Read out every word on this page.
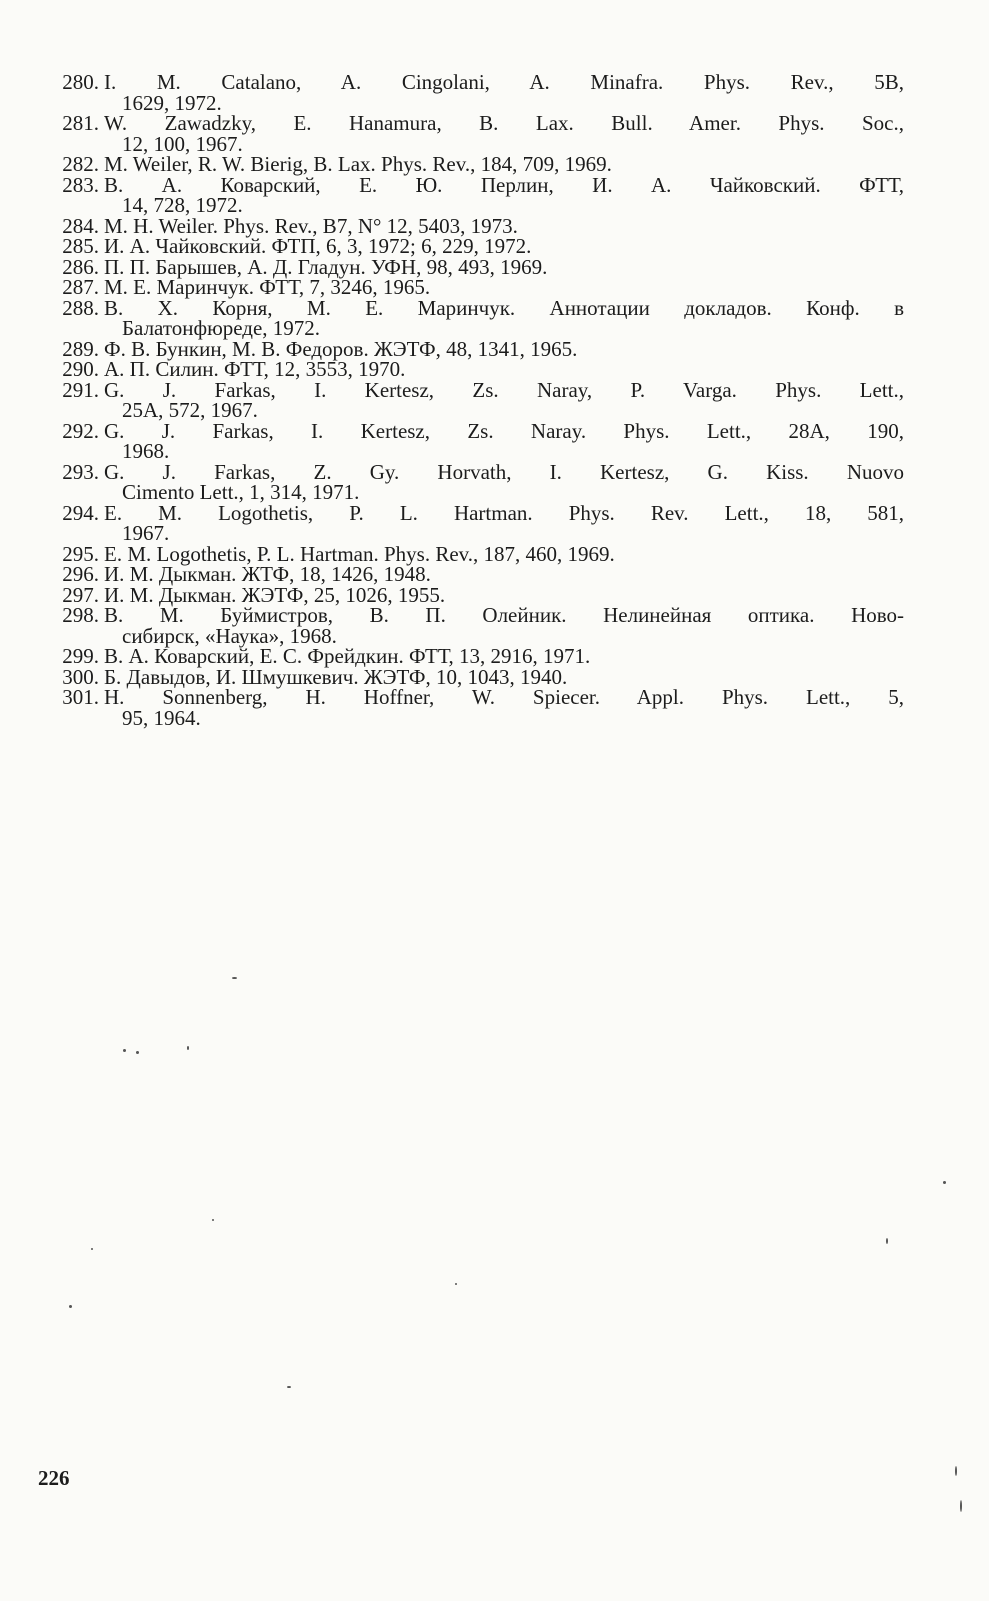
280. I. M. Catalano, A. Cingolani, A. Minafra. Phys. Rev., 5B,
1629, 1972.
281. W. Zawadzky, E. Hanamura, B. Lax. Bull. Amer. Phys. Soc.,
12, 100, 1967.
282. M. Weiler, R. W. Bierig, B. Lax. Phys. Rev., 184, 709, 1969.
283. В. А. Коварский, Е. Ю. Перлин, И. А. Чайковский. ФТТ,
14, 728, 1972.
284. M. H. Weiler. Phys. Rev., B7, N° 12, 5403, 1973.
285. И. А. Чайковский. ФТП, 6, 3, 1972; 6, 229, 1972.
286. П. П. Барышев, А. Д. Гладун. УФН, 98, 493, 1969.
287. М. Е. Маринчук. ФТТ, 7, 3246, 1965.
288. В. Х. Корня, М. Е. Маринчук. Аннотации докладов. Конф. в
Балатонфюреде, 1972.
289. Ф. В. Бункин, М. В. Федоров. ЖЭТФ, 48, 1341, 1965.
290. А. П. Силин. ФТТ, 12, 3553, 1970.
291. G. J. Farkas, I. Kertesz, Zs. Naray, P. Varga. Phys. Lett.,
25A, 572, 1967.
292. G. J. Farkas, I. Kertesz, Zs. Naray. Phys. Lett., 28A, 190,
1968.
293. G. J. Farkas, Z. Gy. Horvath, I. Kertesz, G. Kiss. Nuovo
Cimento Lett., 1, 314, 1971.
294. E. M. Logothetis, P. L. Hartman. Phys. Rev. Lett., 18, 581,
1967.
295. E. M. Logothetis, P. L. Hartman. Phys. Rev., 187, 460, 1969.
296. И. М. Дыкман. ЖТФ, 18, 1426, 1948.
297. И. М. Дыкман. ЖЭТФ, 25, 1026, 1955.
298. В. М. Буймистров, В. П. Олейник. Нелинейная оптика. Ново-
сибирск, «Наука», 1968.
299. В. А. Коварский, Е. С. Фрейдкин. ФТТ, 13, 2916, 1971.
300. Б. Давыдов, И. Шмушкевич. ЖЭТФ, 10, 1043, 1940.
301. H. Sonnenberg, H. Hoffner, W. Spiecer. Appl. Phys. Lett., 5,
95, 1964.
226
